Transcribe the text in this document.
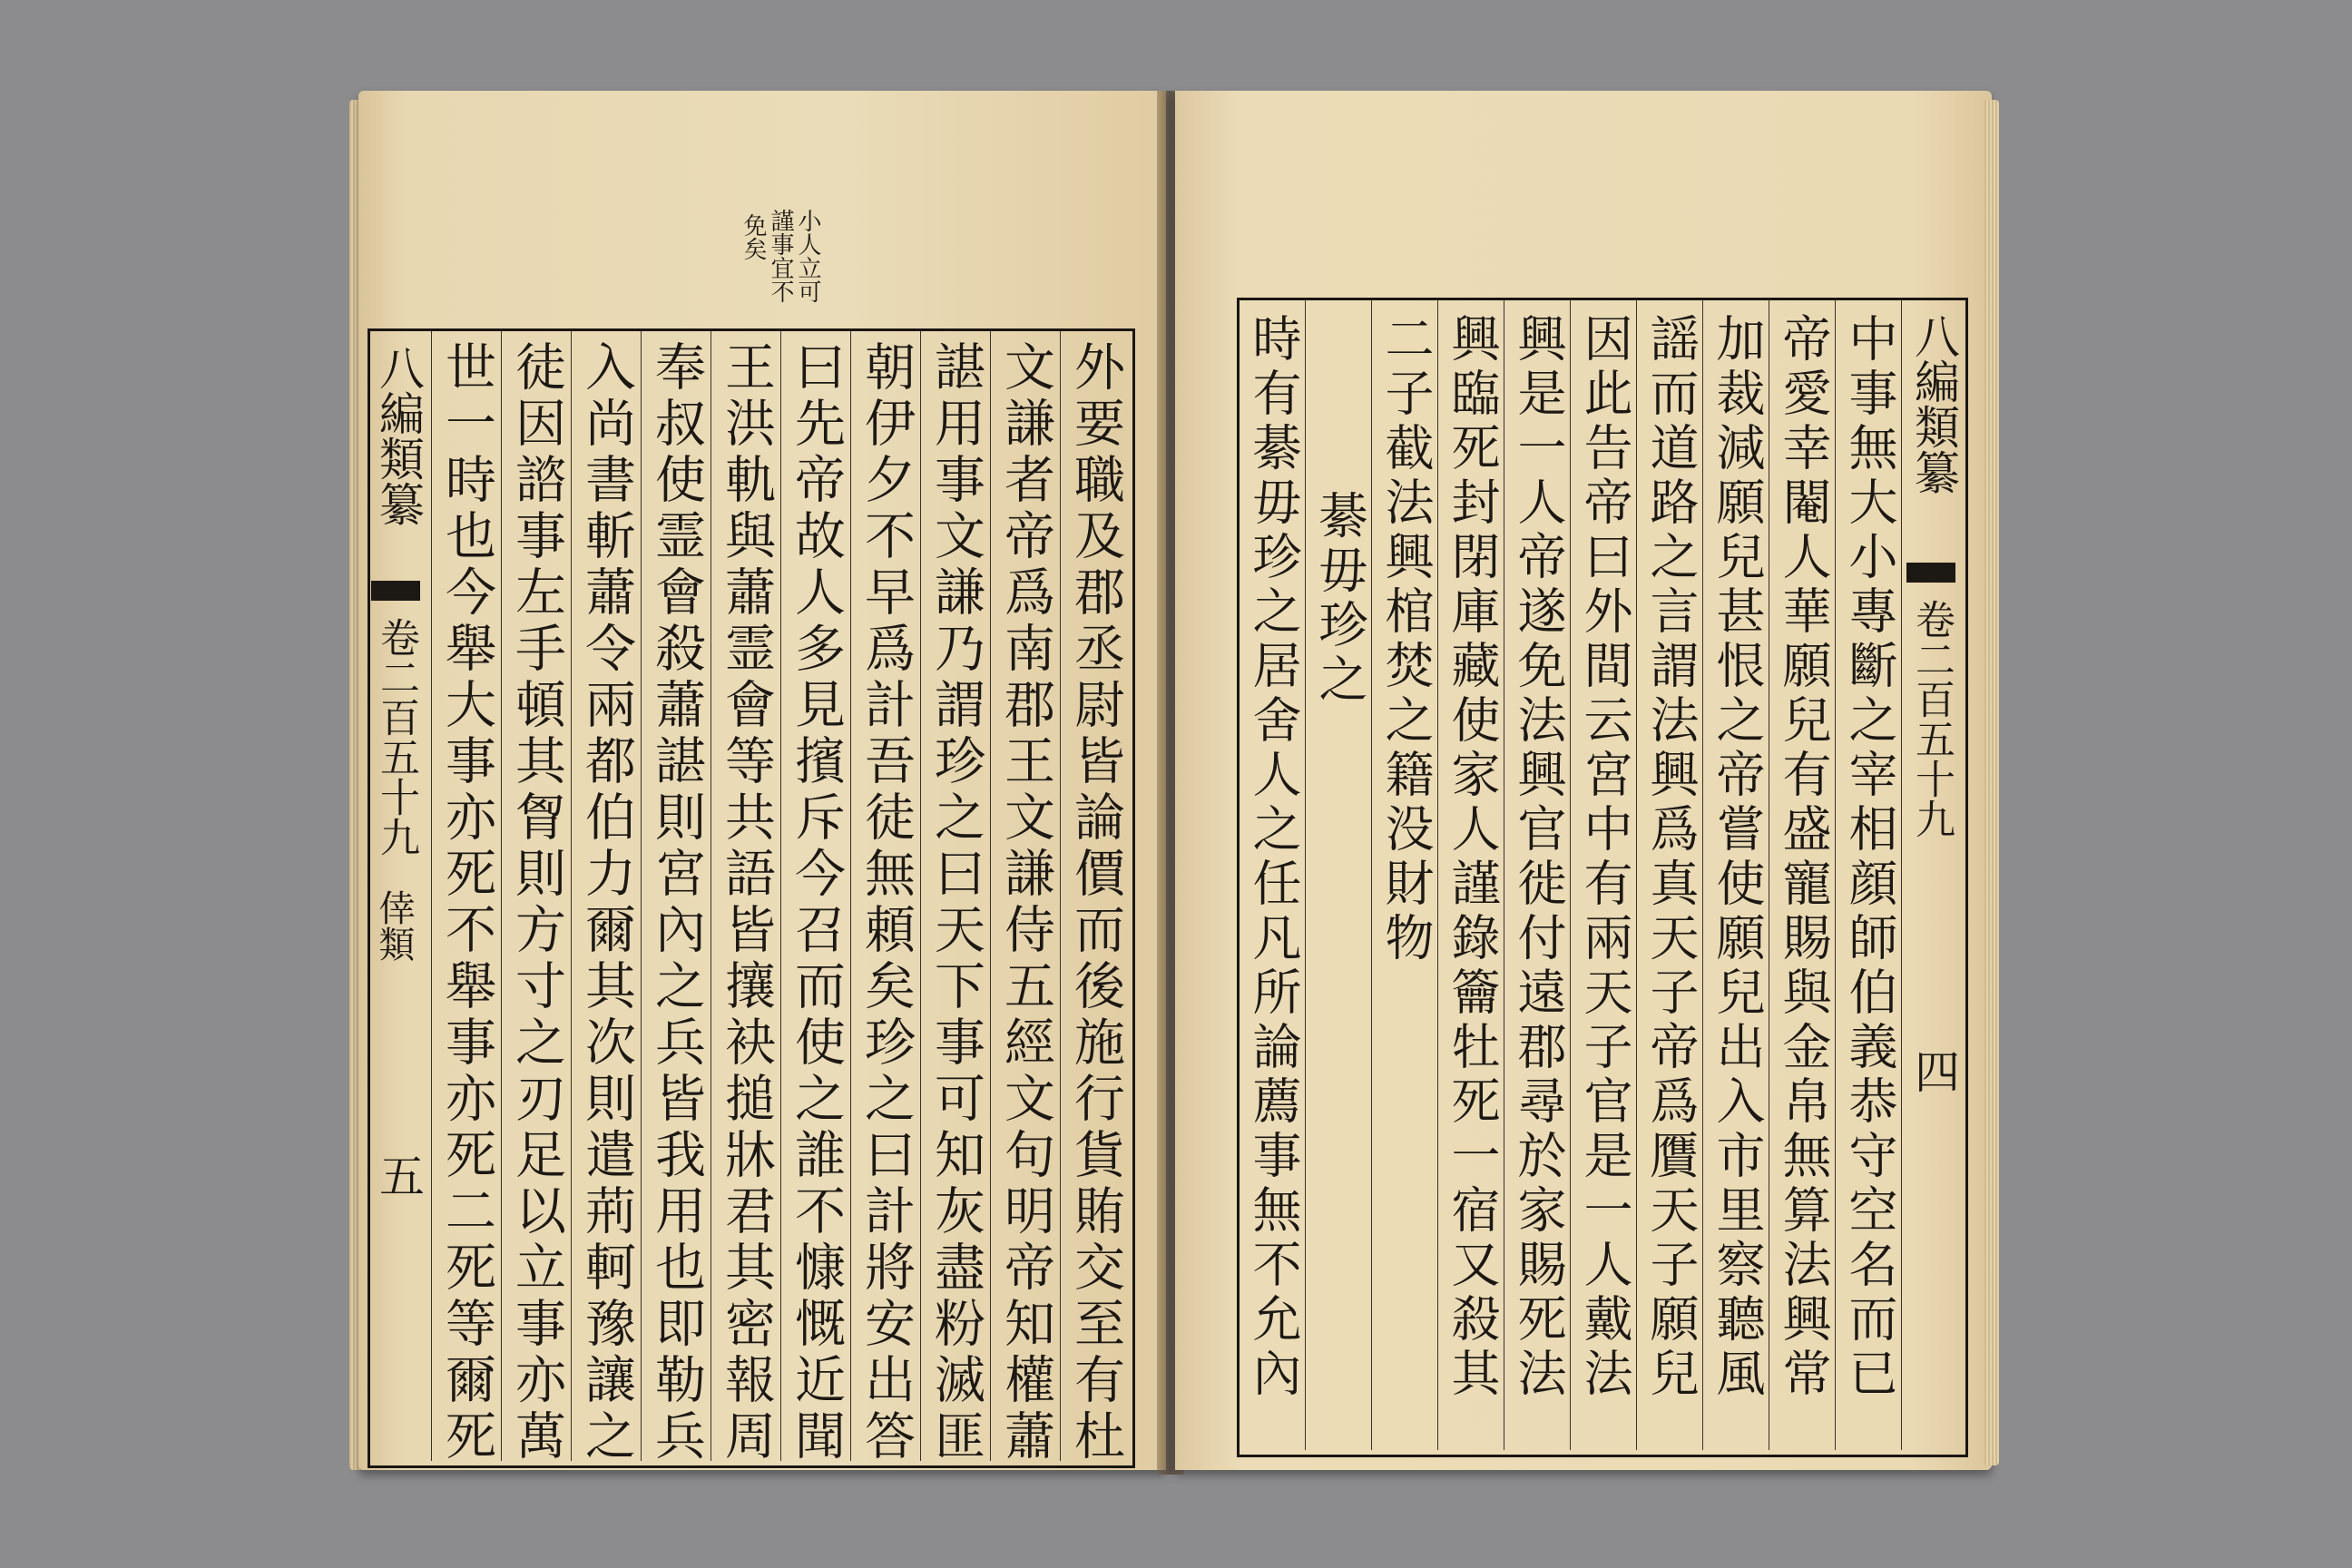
小人立可
謹事宜不
免矣
八編類纂
卷二百五十九
倖類
五	外要職及郡丞尉皆論價而後施行貨賄交至有杜
文謙者帝爲南郡王文謙侍五經文句明帝知權蕭
諶用事文謙乃謂珍之曰天下事可知灰盡粉滅匪
朝伊夕不早爲計吾徒無頼矣珍之曰計將安出答
曰先帝故人多見擯斥今召而使之誰不慷慨近聞
王洪軌與蕭霊會等共語皆攘袂搥牀君其密報周
奉叔使霊會殺蕭諶則宮內之兵皆我用也即勒兵
入尚書斬蕭令兩都伯力爾其次則遣荊軻豫讓之
徒因諮事左手頓其胷則方寸之刃足以立事亦萬
世一時也今舉大事亦死不舉事亦死二死等爾死	八編類纂
卷二百五十九
四
中事無大小專斷之宰相顔師伯義恭守空名而已
帝愛幸閹人華願兒有盛寵賜與金帛無算法興常
加裁減願兒甚恨之帝嘗使願兒出入市里察聽風
謡而道路之言謂法興爲真天子帝爲贋天子願兒
因此告帝曰外間云宮中有兩天子官是一人戴法
興是一人帝遂免法興官徙付遠郡尋於家賜死法
興臨死封閉庫藏使家人謹錄籥牡死一宿又殺其
二子截法興棺焚之籍没財物
綦毋珍之
時有綦毋珍之居舍人之任凡所論薦事無不允內
